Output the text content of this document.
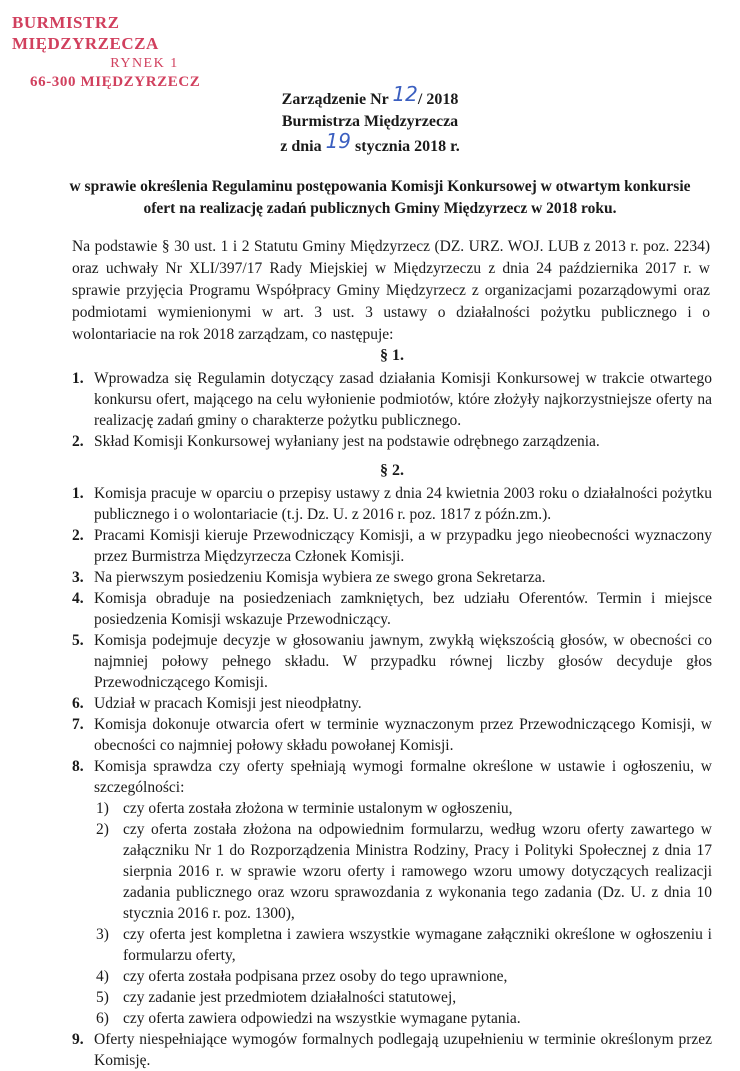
BURMISTRZ MIĘDZYRZECZA
RYNEK 1
66-300 MIĘDZYRZECZ
Zarządzenie Nr 12/ 2018
Burmistrza Międzyrzecza
z dnia 19 stycznia 2018 r.
w sprawie określenia Regulaminu postępowania Komisji Konkursowej w otwartym konkursie ofert na realizację zadań publicznych Gminy Międzyrzecz w 2018 roku.
Na podstawie § 30 ust. 1 i 2 Statutu Gminy Międzyrzecz (DZ. URZ. WOJ. LUB z 2013 r. poz. 2234) oraz uchwały Nr XLI/397/17 Rady Miejskiej w Międzyrzeczu z dnia 24 października 2017 r. w sprawie przyjęcia Programu Współpracy Gminy Międzyrzecz z organizacjami pozarządowymi oraz podmiotami wymienionymi w art. 3 ust. 3 ustawy o działalności pożytku publicznego i o wolontariacie na rok 2018 zarządzam, co następuje:
§ 1.
1. Wprowadza się Regulamin dotyczący zasad działania Komisji Konkursowej w trakcie otwartego konkursu ofert, mającego na celu wyłonienie podmiotów, które złożyły najkorzystniejsze oferty na realizację zadań gminy o charakterze pożytku publicznego.
2. Skład Komisji Konkursowej wyłaniany jest na podstawie odrębnego zarządzenia.
§ 2.
1. Komisja pracuje w oparciu o przepisy ustawy z dnia 24 kwietnia 2003 roku o działalności pożytku publicznego i o wolontariacie (t.j. Dz. U. z 2016 r. poz. 1817 z późn.zm.).
2. Pracami Komisji kieruje Przewodniczący Komisji, a w przypadku jego nieobecności wyznaczony przez Burmistrza Międzyrzecza Członek Komisji.
3. Na pierwszym posiedzeniu Komisja wybiera ze swego grona Sekretarza.
4. Komisja obraduje na posiedzeniach zamkniętych, bez udziału Oferentów. Termin i miejsce posiedzenia Komisji wskazuje Przewodniczący.
5. Komisja podejmuje decyzje w głosowaniu jawnym, zwykłą większością głosów, w obecności co najmniej połowy pełnego składu. W przypadku równej liczby głosów decyduje głos Przewodniczącego Komisji.
6. Udział w pracach Komisji jest nieodpłatny.
7. Komisja dokonuje otwarcia ofert w terminie wyznaczonym przez Przewodniczącego Komisji, w obecności co najmniej połowy składu powołanej Komisji.
8. Komisja sprawdza czy oferty spełniają wymogi formalne określone w ustawie i ogłoszeniu, w szczególności:
1) czy oferta została złożona w terminie ustalonym w ogłoszeniu,
2) czy oferta została złożona na odpowiednim formularzu, według wzoru oferty zawartego w załączniku Nr 1 do Rozporządzenia Ministra Rodziny, Pracy i Polityki Społecznej z dnia 17 sierpnia 2016 r. w sprawie wzoru oferty i ramowego wzoru umowy dotyczących realizacji zadania publicznego oraz wzoru sprawozdania z wykonania tego zadania (Dz. U. z dnia 10 stycznia 2016 r. poz. 1300),
3) czy oferta jest kompletna i zawiera wszystkie wymagane załączniki określone w ogłoszeniu i formularzu oferty,
4) czy oferta została podpisana przez osoby do tego uprawnione,
5) czy zadanie jest przedmiotem działalności statutowej,
6) czy oferta zawiera odpowiedzi na wszystkie wymagane pytania.
9. Oferty niespełniające wymogów formalnych podlegają uzupełnieniu w terminie określonym przez Komisję.
